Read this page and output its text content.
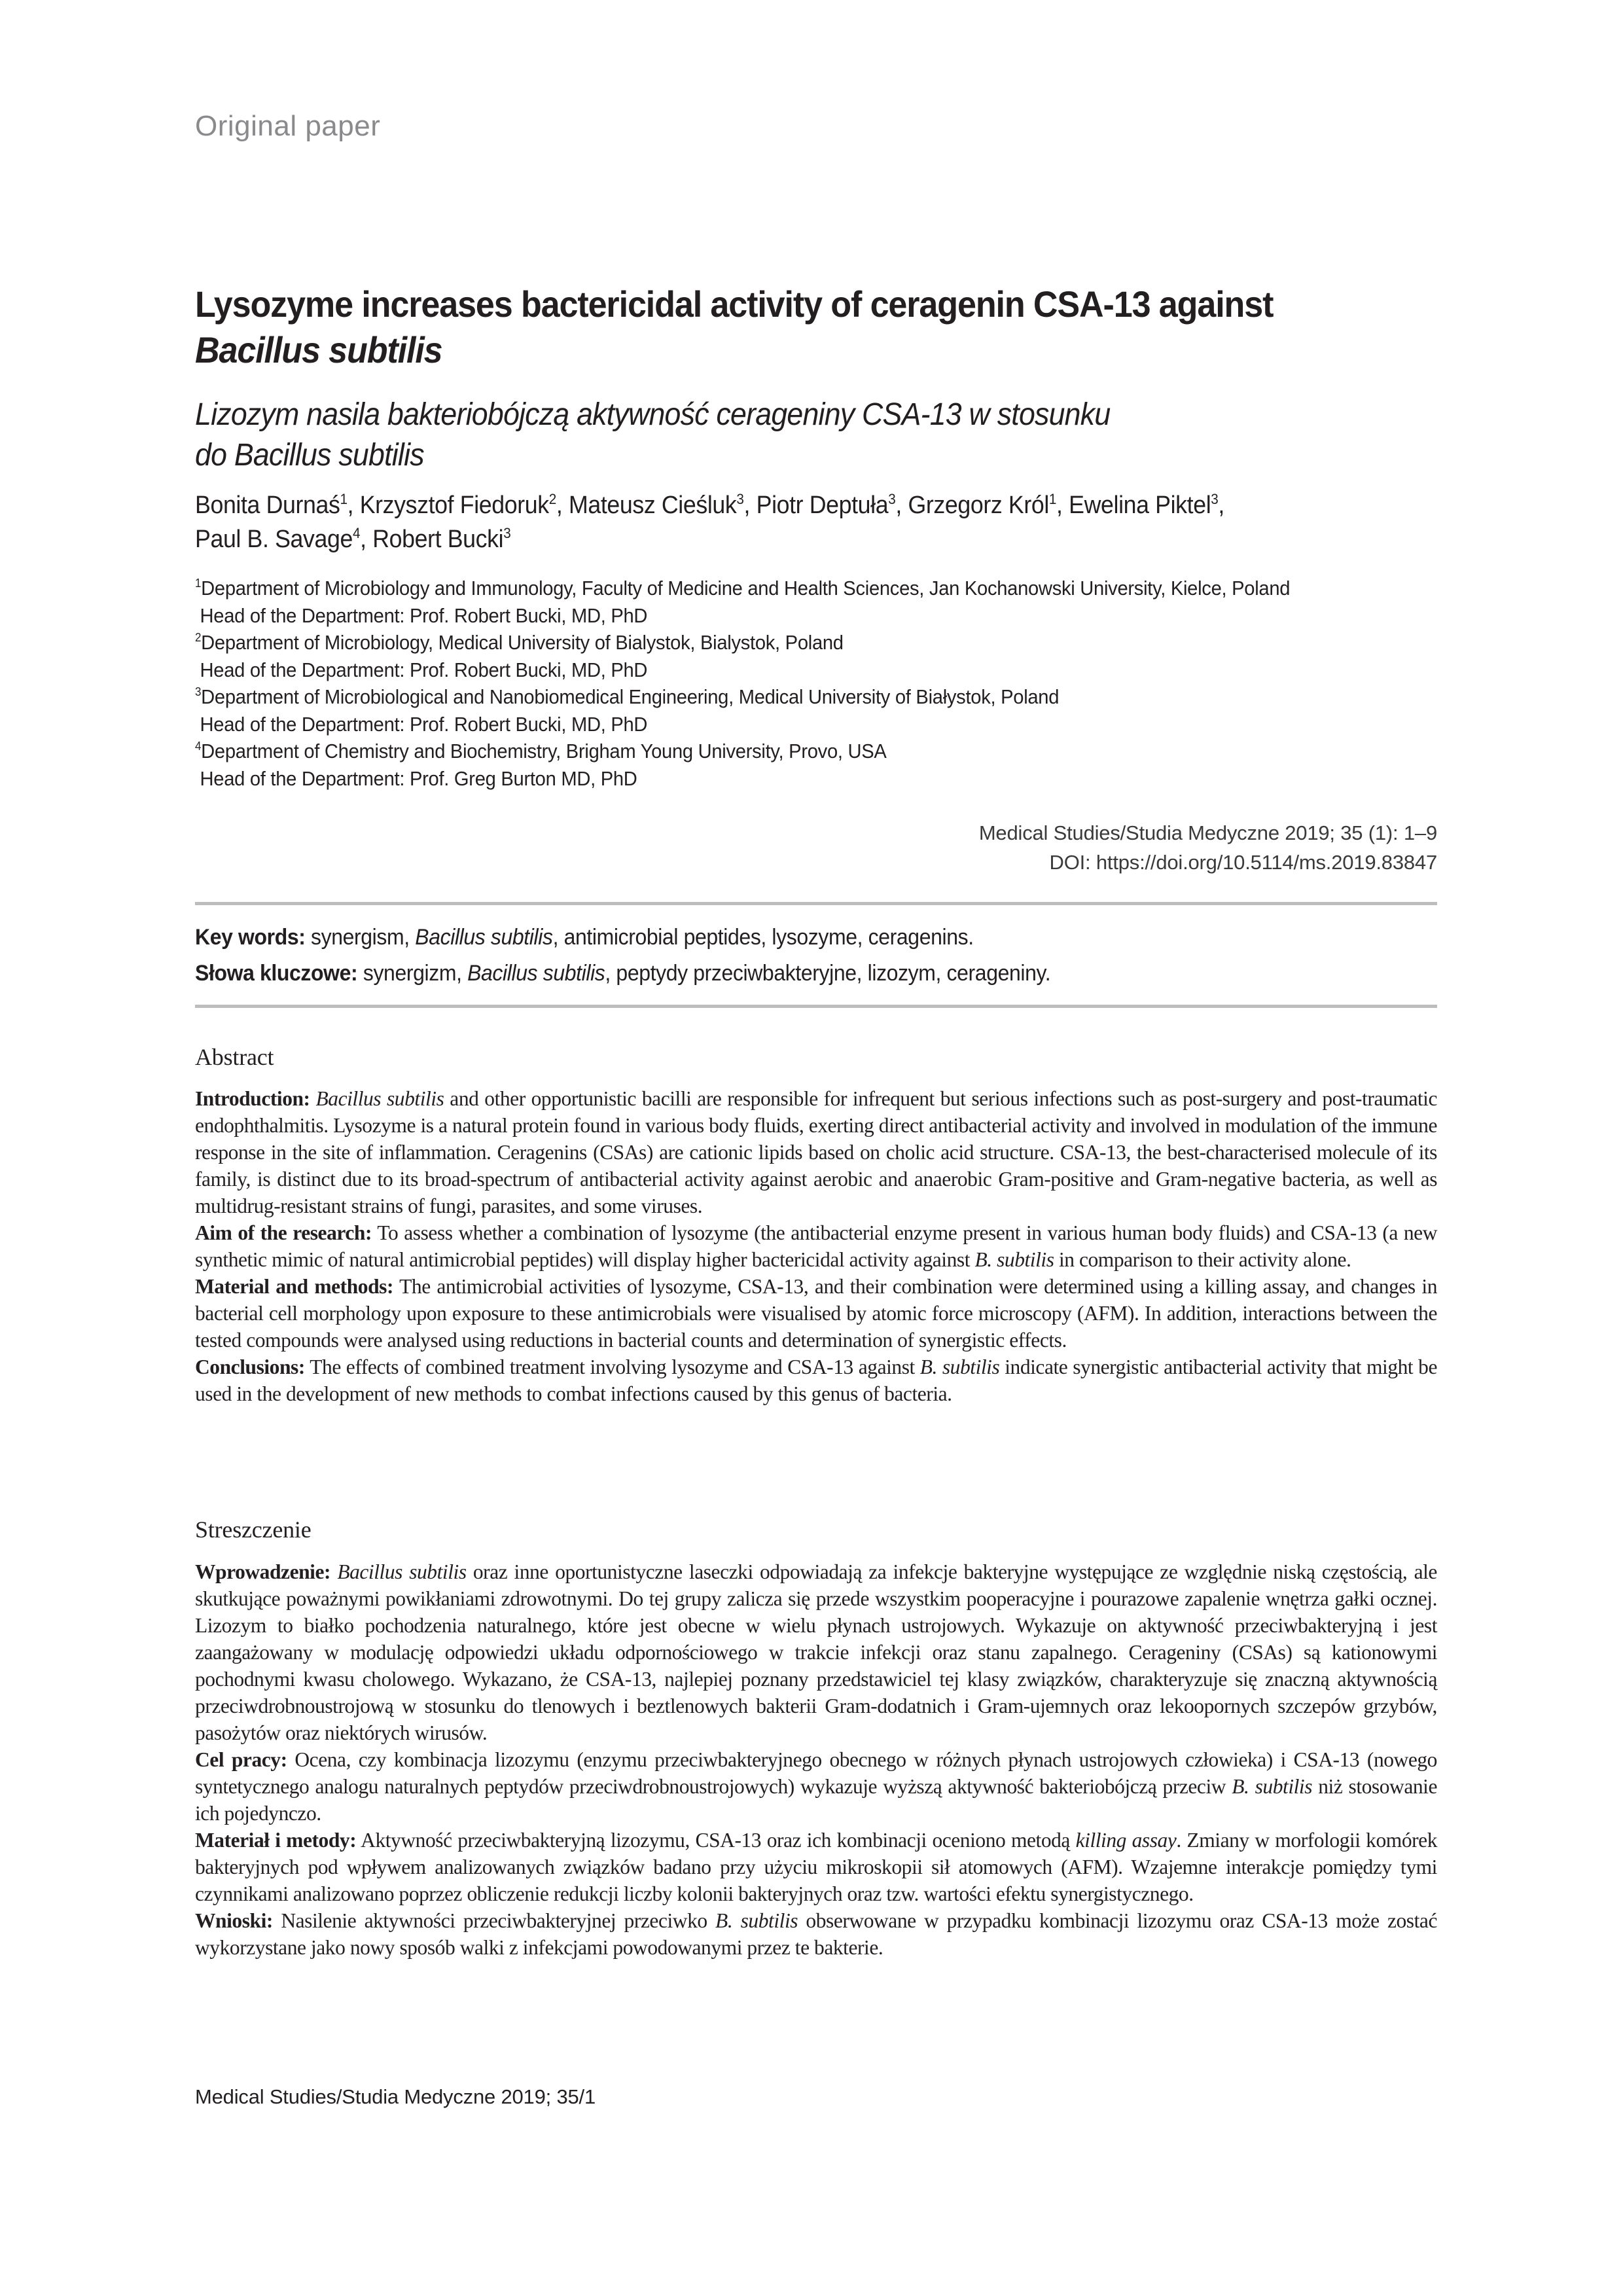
Original paper
Lysozyme increases bactericidal activity of ceragenin CSA-13 against
Bacillus subtilis
Lizozym nasila bakteriobójczą aktywność cerageniny CSA-13 w stosunku
do Bacillus subtilis
Bonita Durnaś$^1$, Krzysztof Fiedoruk$^2$, Mateusz Cieśluk$^3$, Piotr Deptuła$^3$, Grzegorz Król$^1$, Ewelina Piktel$^3$,
Paul B. Savage$^4$, Robert Bucki$^3$
$^1$Department of Microbiology and Immunology, Faculty of Medicine and Health Sciences, Jan Kochanowski University, Kielce, Poland
Head of the Department: Prof. Robert Bucki, MD, PhD
$^2$Department of Microbiology, Medical University of Bialystok, Bialystok, Poland
Head of the Department: Prof. Robert Bucki, MD, PhD
$^3$Department of Microbiological and Nanobiomedical Engineering, Medical University of Białystok, Poland
Head of the Department: Prof. Robert Bucki, MD, PhD
$^4$Department of Chemistry and Biochemistry, Brigham Young University, Provo, USA
Head of the Department: Prof. Greg Burton MD, PhD
Medical Studies/Studia Medyczne 2019; 35 (1): 1–9
DOI: https://doi.org/10.5114/ms.2019.83847
Key words: synergism, Bacillus subtilis, antimicrobial peptides, lysozyme, ceragenins.
Słowa kluczowe: synergizm, Bacillus subtilis, peptydy przeciwbakteryjne, lizozym, cerageniny.
Abstract

Introduction: Bacillus subtilis and other opportunistic bacilli are responsible for infrequent but serious infections such as post-surgery and post-traumatic endophthalmitis. Lysozyme is a natural protein found in various body fluids, exerting direct antibacterial activity and involved in modulation of the immune response in the site of inflammation. Ceragenins (CSAs) are cationic lipids based on cholic acid structure. CSA-13, the best-characterised molecule of its family, is distinct due to its broad-spectrum of antibacterial activity against aerobic and anaerobic Gram-positive and Gram-negative bacteria, as well as multidrug-resistant strains of fungi, parasites, and some viruses.

Aim of the research: To assess whether a combination of lysozyme (the antibacterial enzyme present in various human body fluids) and CSA-13 (a new synthetic mimic of natural antimicrobial peptides) will display higher bactericidal activity against B. subtilis in comparison to their activity alone.

Material and methods: The antimicrobial activities of lysozyme, CSA-13, and their combination were determined using a killing assay, and changes in bacterial cell morphology upon exposure to these antimicrobials were visualised by atomic force microscopy (AFM). In addition, interactions between the tested compounds were analysed using reductions in bacterial counts and determination of synergistic effects.

Conclusions: The effects of combined treatment involving lysozyme and CSA-13 against B. subtilis indicate synergistic antibacterial activity that might be used in the development of new methods to combat infections caused by this genus of bacteria.

Streszczenie

Wprowadzenie: Bacillus subtilis oraz inne oportunistyczne laseczki odpowiadają za infekcje bakteryjne występujące ze względnie niską częstością, ale skutkujące poważnymi powikłaniami zdrowotnymi. Do tej grupy zalicza się przede wszystkim pooperacyjne i pourazowe zapalenie wnętrza gałki ocznej. Lizozym to białko pochodzenia naturalnego, które jest obecne w wielu płynach ustrojowych. Wykazuje on aktywność przeciwbakteryjną i jest zaangażowany w modulację odpowiedzi układu odpornościowego w trakcie infekcji oraz stanu zapalnego. Cerageniny (CSAs) są kationowymi pochodnymi kwasu cholowego. Wykazano, że CSA-13, najlepiej poznany przedstawiciel tej klasy związków, charakteryzuje się znaczną aktywnością przeciwdrobnoustrojową w stosunku do tlenowych i beztlenowych bakterii Gram-dodatnich i Gram-ujemnych oraz lekoopornych szczepów grzybów, pasożytów oraz niektórych wirusów.

Cel pracy: Ocena, czy kombinacja lizozymu (enzymu przeciwbakteryjnego obecnego w różnych płynach ustrojowych człowieka) i CSA-13 (nowego syntetycznego analogu naturalnych peptydów przeciwdrobnoustrojowych) wykazuje wyższą aktywność bakteriobójczą przeciw B. subtilis niż stosowanie ich pojedynczo.

Materiał i metody: Aktywność przeciwbakteryjną lizozymu, CSA-13 oraz ich kombinacji oceniono metodą killing assay. Zmiany w morfologii komórek bakteryjnych pod wpływem analizowanych związków badano przy użyciu mikroskopii sił atomowych (AFM). Wzajemne interakcje pomiędzy tymi czynnikami analizowano poprzez obliczenie redukcji liczby kolonii bakteryjnych oraz tzw. wartości efektu synergistycznego.

Wnioski: Nasilenie aktywności przeciwbakteryjnej przeciwko B. subtilis obserwowane w przypadku kombinacji lizozymu oraz CSA-13 może zostać wykorzystane jako nowy sposób walki z infekcjami powodowanymi przez te bakterie.

Medical Studies/Studia Medyczne 2019; 35/1
